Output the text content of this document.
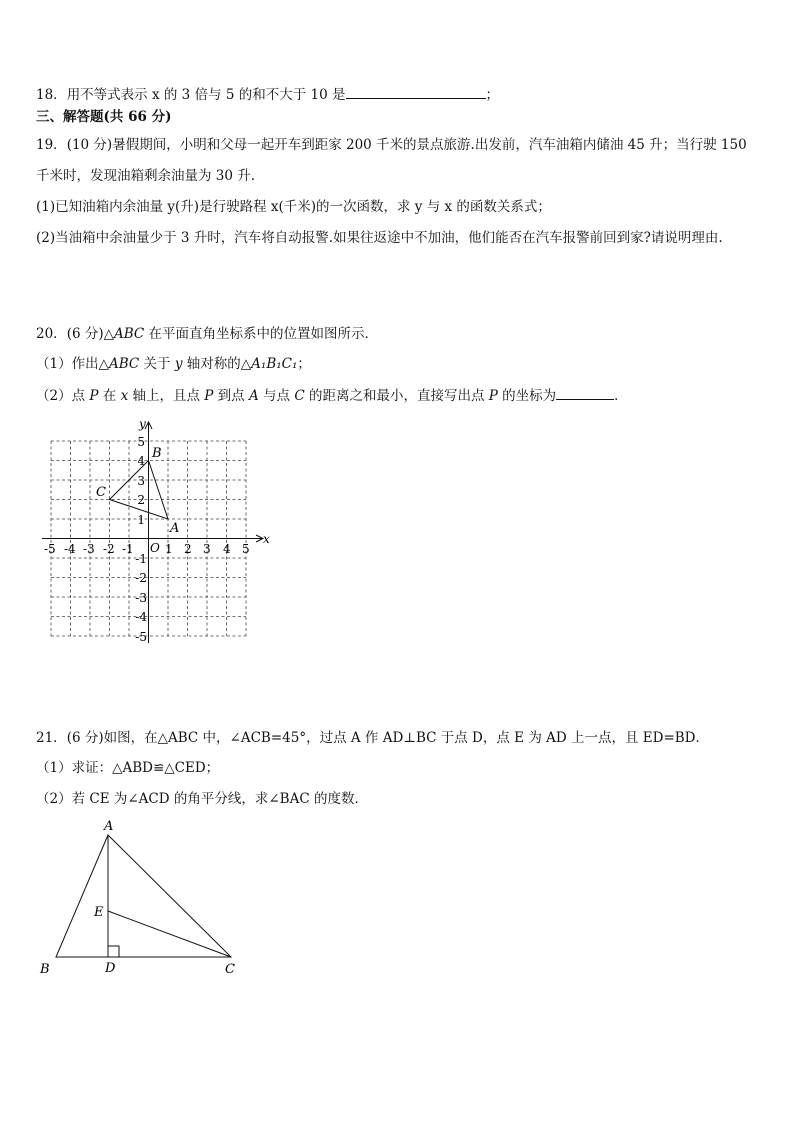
18．用不等式表示 x 的 3 倍与 5 的和不大于 10 是	；
三、解答题(共 66 分)
19．(10 分)暑假期间，小明和父母一起开车到距家 200 千米的景点旅游.出发前，汽车油箱内储油 45 升；当行驶 150
千米时，发现油箱剩余油量为 30 升.
(1)已知油箱内余油量 y(升)是行驶路程 x(千米)的一次函数，求 y 与 x 的函数关系式；
(2)当油箱中余油量少于 3 升时，汽车将自动报警.如果往返途中不加油，他们能否在汽车报警前回到家?请说明理由.
20．(6 分)△ABC 在平面直角坐标系中的位置如图所示．
（1）作出△ABC 关于 y 轴对称的△A₁B₁C₁；
（2）点 P 在 x 轴上，且点 P 到点 A 与点 C 的距离之和最小，直接写出点 P 的坐标为	．
x
y
O
-5 -4 -3 -2 -1	1 2 3 4 5
5
4
3
2
1
-1
-2
-3
-4
-5
A
B
C
21．(6 分)如图，在△ABC 中，∠ACB=45°，过点 A 作 AD⊥BC 于点 D，点 E 为 AD 上一点，且 ED=BD．
（1）求证：△ABD≌△CED；
（2）若 CE 为∠ACD 的角平分线，求∠BAC 的度数．
A
B	C
D
E
